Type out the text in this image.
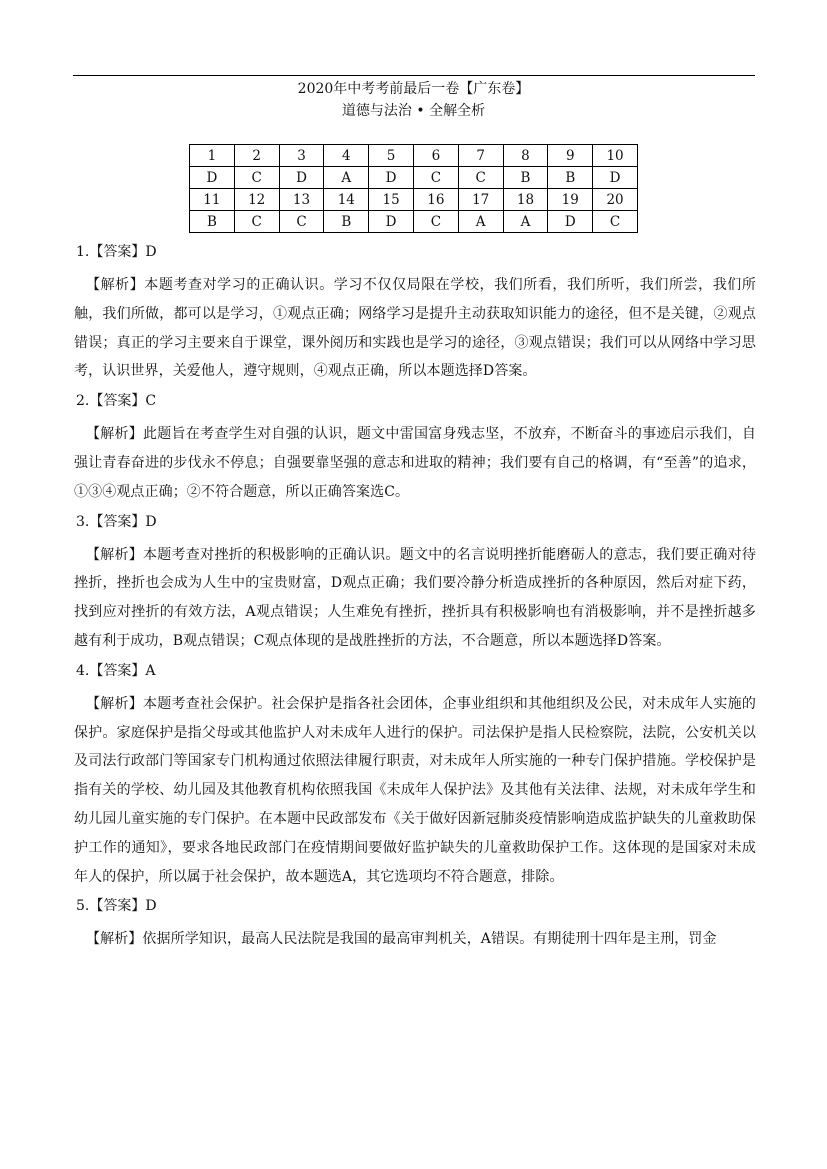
2020年中考考前最后一卷【广东卷】
道德与法治 • 全解全析
1	2	3	4	5	6	7	8	9	10
D	C	D	A	D	C	C	B	B	D
11	12	13	14	15	16	17	18	19	20
B	C	C	B	D	C	A	A	D	C
1.【答案】D
【解析】本题考查对学习的正确认识。学习不仅仅局限在学校，我们所看，我们所听，我们所尝，我们所触，我们所做，都可以是学习，①观点正确；网络学习是提升主动获取知识能力的途径，但不是关键，②观点错误；真正的学习主要来自于课堂，课外阅历和实践也是学习的途径，③观点错误；我们可以从网络中学习思考，认识世界，关爱他人，遵守规则，④观点正确，所以本题选择D答案。
2.【答案】C
【解析】此题旨在考查学生对自强的认识，题文中雷国富身残志坚，不放弃，不断奋斗的事迹启示我们，自强让青春奋进的步伐永不停息；自强要靠坚强的意志和进取的精神；我们要有自己的格调，有“至善”的追求，①③④观点正确；②不符合题意，所以正确答案选C。
3.【答案】D
【解析】本题考查对挫折的积极影响的正确认识。题文中的名言说明挫折能磨砺人的意志，我们要正确对待挫折，挫折也会成为人生中的宝贵财富，D观点正确；我们要冷静分析造成挫折的各种原因，然后对症下药，找到应对挫折的有效方法，A观点错误；人生难免有挫折，挫折具有积极影响也有消极影响，并不是挫折越多越有利于成功，B观点错误；C观点体现的是战胜挫折的方法，不合题意，所以本题选择D答案。
4.【答案】A
【解析】本题考查社会保护。社会保护是指各社会团体，企事业组织和其他组织及公民，对未成年人实施的保护。家庭保护是指父母或其他监护人对未成年人进行的保护。司法保护是指人民检察院，法院，公安机关以及司法行政部门等国家专门机构通过依照法律履行职责，对未成年人所实施的一种专门保护措施。学校保护是指有关的学校、幼儿园及其他教育机构依照我国《未成年人保护法》及其他有关法律、法规，对未成年学生和幼儿园儿童实施的专门保护。在本题中民政部发布《关于做好因新冠肺炎疫情影响造成监护缺失的儿童救助保护工作的通知》，要求各地民政部门在疫情期间要做好监护缺失的儿童救助保护工作。这体现的是国家对未成年人的保护，所以属于社会保护，故本题选A，其它选项均不符合题意，排除。
5.【答案】D
【解析】依据所学知识，最高人民法院是我国的最高审判机关，A错误。有期徒刑十四年是主刑，罚金
